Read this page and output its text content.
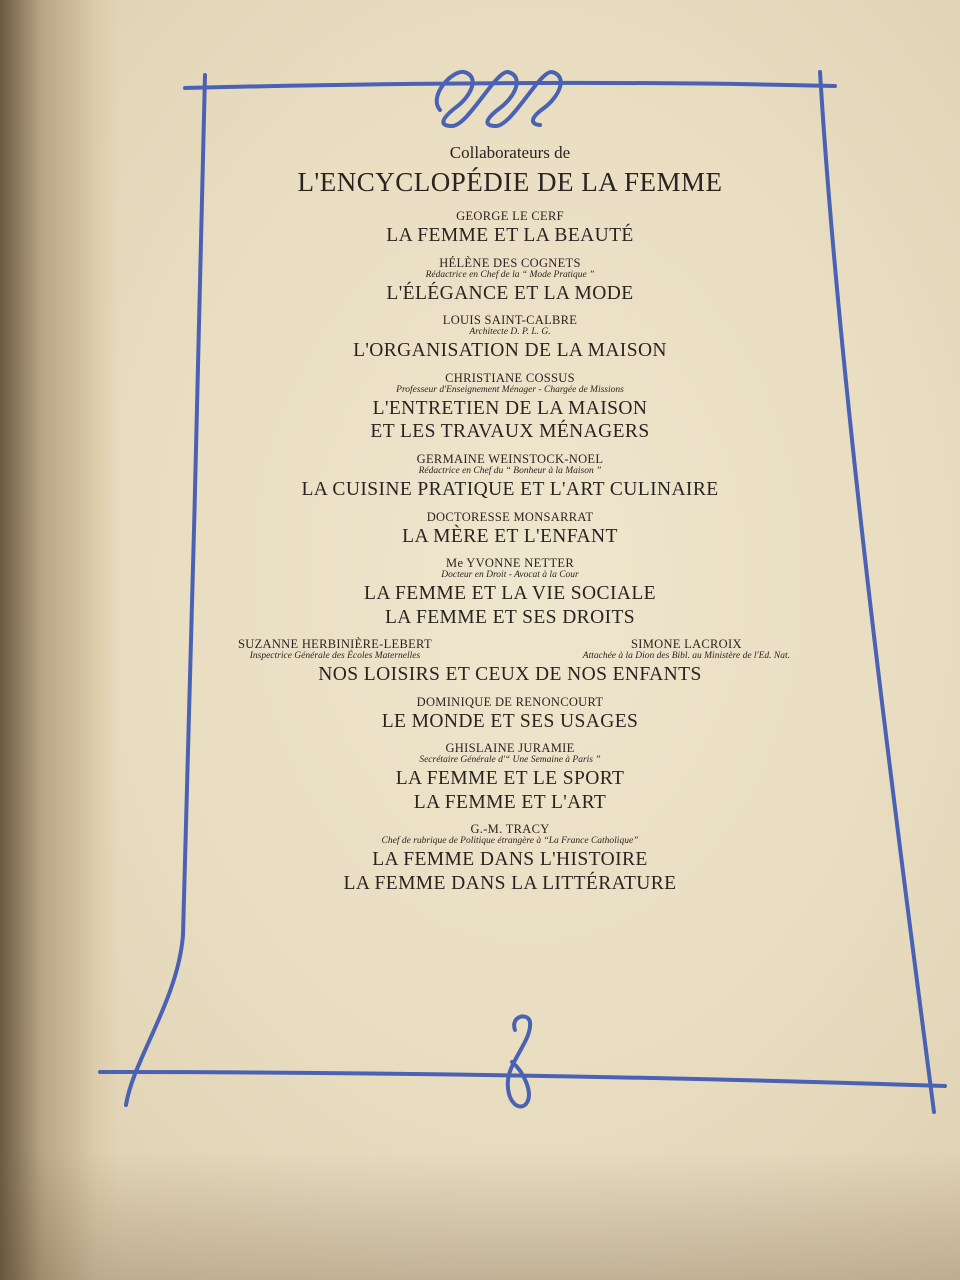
Collaborateurs de
L'ENCYCLOPÉDIE DE LA FEMME
GEORGE LE CERF
LA FEMME ET LA BEAUTÉ
HÉLÈNE DES COGNETS
Rédactrice en Chef de la “ Mode Pratique ”
L'ÉLÉGANCE ET LA MODE
LOUIS SAINT-CALBRE
Architecte D. P. L. G.
L'ORGANISATION DE LA MAISON
CHRISTIANE COSSUS
Professeur d'Enseignement Ménager - Chargée de Missions
L'ENTRETIEN DE LA MAISON
ET LES TRAVAUX MÉNAGERS
GERMAINE WEINSTOCK-NOEL
Rédactrice en Chef du “ Bonheur à la Maison ”
LA CUISINE PRATIQUE ET L'ART CULINAIRE
DOCTORESSE MONSARRAT
LA MÈRE ET L'ENFANT
Me YVONNE NETTER
Docteur en Droit - Avocat à la Cour
LA FEMME ET LA VIE SOCIALE
LA FEMME ET SES DROITS
SUZANNE HERBINIÈRE-LEBERT
Inspectrice Générale des Écoles Maternelles
SIMONE LACROIX
Attachée à la Dion des Bibl. au Ministère de l'Ed. Nat.
NOS LOISIRS ET CEUX DE NOS ENFANTS
DOMINIQUE DE RENONCOURT
LE MONDE ET SES USAGES
GHISLAINE JURAMIE
Secrétaire Générale d'“ Une Semaine à Paris ”
LA FEMME ET LE SPORT
LA FEMME ET L'ART
G.-M. TRACY
Chef de rubrique de Politique étrangère à “La France Catholique”
LA FEMME DANS L'HISTOIRE
LA FEMME DANS LA LITTÉRATURE
